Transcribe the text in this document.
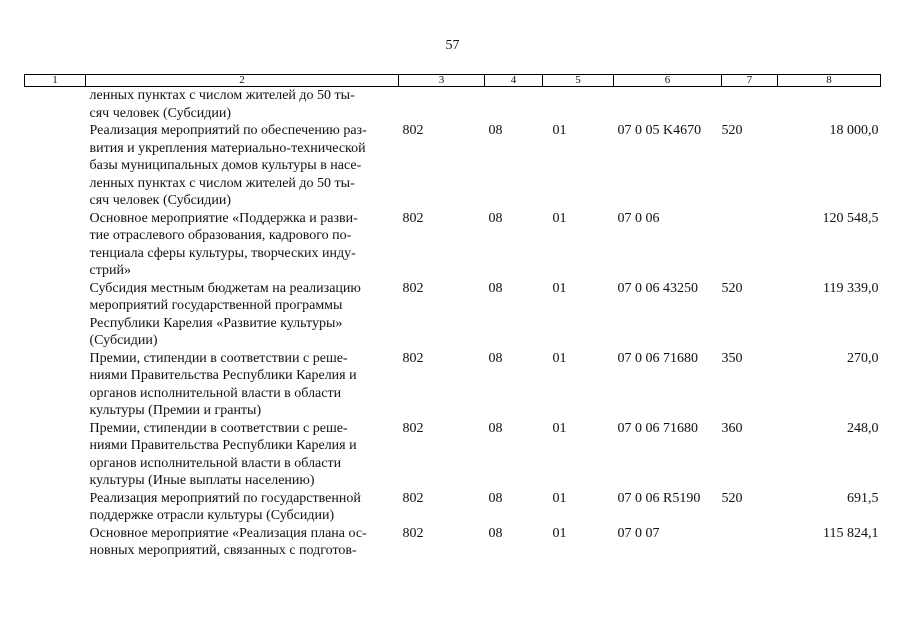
57
1	2	3	4	5	6	7	8

	ленных пунктах с числом жителей до 50 ты-
сяч человек (Субсидии)						

	Реализация мероприятий по обеспечению раз-
вития и укрепления материально-технической
базы муниципальных домов культуры в насе-
ленных пунктах с числом жителей до 50 ты-
сяч человек (Субсидии)	802	08	01	07 0 05 K4670	520	18 000,0

	Основное мероприятие «Поддержка и разви-
тие отраслевого образования, кадрового по-
тенциала сферы культуры, творческих инду-
стрий»	802	08	01	07 0 06		120 548,5

	Субсидия местным бюджетам на реализацию
мероприятий государственной программы
Республики Карелия «Развитие культуры»
(Субсидии)	802	08	01	07 0 06 43250	520	119 339,0

	Премии, стипендии в соответствии с реше-
ниями Правительства Республики Карелия и
органов исполнительной власти в области
культуры (Премии и гранты)	802	08	01	07 0 06 71680	350	270,0

	Премии, стипендии в соответствии с реше-
ниями Правительства Республики Карелия и
органов исполнительной власти в области
культуры (Иные выплаты населению)	802	08	01	07 0 06 71680	360	248,0

	Реализация мероприятий по государственной
поддержке отрасли культуры (Субсидии)	802	08	01	07 0 06 R5190	520	691,5

	Основное мероприятие «Реализация плана ос-
новных мероприятий, связанных с подготов-	802	08	01	07 0 07		115 824,1
